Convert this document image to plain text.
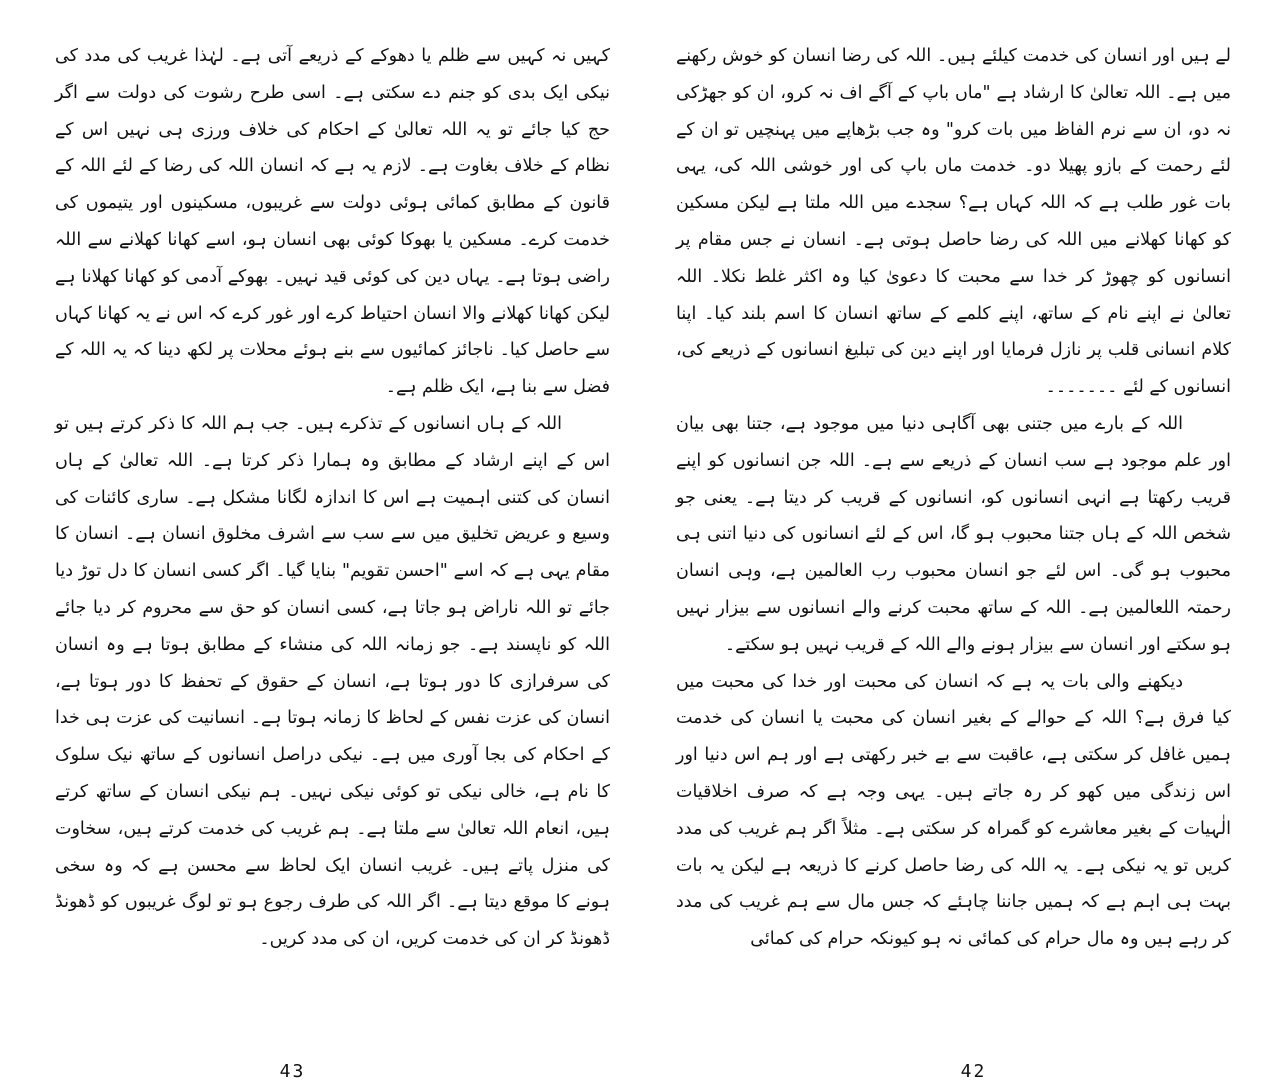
کہیں نہ کہیں سے ظلم یا دھوکے کے ذریعے آتی ہے۔ لہٰذا غریب کی مدد کی نیکی ایک بدی کو جنم دے سکتی ہے۔ اسی طرح رشوت کی دولت سے اگر حج کیا جائے تو یہ اللہ تعالیٰ کے احکام کی خلاف ورزی ہی نہیں اس کے نظام کے خلاف بغاوت ہے۔ لازم یہ ہے کہ انسان اللہ کی رضا کے لئے اللہ کے قانون کے مطابق کمائی ہوئی دولت سے غریبوں، مسکینوں اور یتیموں کی خدمت کرے۔ مسکین یا بھوکا کوئی بھی انسان ہو، اسے کھانا کھلانے سے اللہ راضی ہوتا ہے۔ یہاں دین کی کوئی قید نہیں۔ بھوکے آدمی کو کھانا کھلانا ہے لیکن کھانا کھلانے والا انسان احتیاط کرے اور غور کرے کہ اس نے یہ کھانا کہاں سے حاصل کیا۔ ناجائز کمائیوں سے بنے ہوئے محلات پر لکھ دینا کہ یہ اللہ کے فضل سے بنا ہے، ایک ظلم ہے۔

اللہ کے ہاں انسانوں کے تذکرے ہیں۔ جب ہم اللہ کا ذکر کرتے ہیں تو اس کے اپنے ارشاد کے مطابق وہ ہمارا ذکر کرتا ہے۔ اللہ تعالیٰ کے ہاں انسان کی کتنی اہمیت ہے اس کا اندازہ لگانا مشکل ہے۔ ساری کائنات کی وسیع و عریض تخلیق میں سے سب سے اشرف مخلوق انسان ہے۔ انسان کا مقام یہی ہے کہ اسے "احسن تقویم" بنایا گیا۔ اگر کسی انسان کا دل توڑ دیا جائے تو اللہ ناراض ہو جاتا ہے، کسی انسان کو حق سے محروم کر دیا جائے اللہ کو ناپسند ہے۔ جو زمانہ اللہ کی منشاء کے مطابق ہوتا ہے وہ انسان کی سرفرازی کا دور ہوتا ہے، انسان کے حقوق کے تحفظ کا دور ہوتا ہے، انسان کی عزت نفس کے لحاظ کا زمانہ ہوتا ہے۔ انسانیت کی عزت ہی خدا کے احکام کی بجا آوری میں ہے۔ نیکی دراصل انسانوں کے ساتھ نیک سلوک کا نام ہے، خالی نیکی تو کوئی نیکی نہیں۔ ہم نیکی انسان کے ساتھ کرتے ہیں، انعام اللہ تعالیٰ سے ملتا ہے۔ ہم غریب کی خدمت کرتے ہیں، سخاوت کی منزل پاتے ہیں۔ غریب انسان ایک لحاظ سے محسن ہے کہ وہ سخی ہونے کا موقع دیتا ہے۔ اگر اللہ کی طرف رجوع ہو تو لوگ غریبوں کو ڈھونڈ ڈھونڈ کر ان کی خدمت کریں، ان کی مدد کریں۔

43

لے ہیں اور انسان کی خدمت کیلئے ہیں۔ اللہ کی رضا انسان کو خوش رکھنے میں ہے۔ اللہ تعالیٰ کا ارشاد ہے "ماں باپ کے آگے اف نہ کرو، ان کو جھڑکی نہ دو، ان سے نرم الفاظ میں بات کرو" وہ جب بڑھاپے میں پہنچیں تو ان کے لئے رحمت کے بازو پھیلا دو۔ خدمت ماں باپ کی اور خوشی اللہ کی، یہی بات غور طلب ہے کہ اللہ کہاں ہے؟ سجدے میں اللہ ملتا ہے لیکن مسکین کو کھانا کھلانے میں اللہ کی رضا حاصل ہوتی ہے۔ انسان نے جس مقام پر انسانوں کو چھوڑ کر خدا سے محبت کا دعویٰ کیا وہ اکثر غلط نکلا۔ اللہ تعالیٰ نے اپنے نام کے ساتھ، اپنے کلمے کے ساتھ انسان کا اسم بلند کیا۔ اپنا کلام انسانی قلب پر نازل فرمایا اور اپنے دین کی تبلیغ انسانوں کے ذریعے کی، انسانوں کے لئے ۔۔۔۔۔۔۔

اللہ کے بارے میں جتنی بھی آگاہی دنیا میں موجود ہے، جتنا بھی بیان اور علم موجود ہے سب انسان کے ذریعے سے ہے۔ اللہ جن انسانوں کو اپنے قریب رکھتا ہے انہی انسانوں کو، انسانوں کے قریب کر دیتا ہے۔ یعنی جو شخص اللہ کے ہاں جتنا محبوب ہو گا، اس کے لئے انسانوں کی دنیا اتنی ہی محبوب ہو گی۔ اس لئے جو انسان محبوب رب العالمین ہے، وہی انسان رحمتہ اللعالمین ہے۔ اللہ کے ساتھ محبت کرنے والے انسانوں سے بیزار نہیں ہو سکتے اور انسان سے بیزار ہونے والے اللہ کے قریب نہیں ہو سکتے۔

دیکھنے والی بات یہ ہے کہ انسان کی محبت اور خدا کی محبت میں کیا فرق ہے؟ اللہ کے حوالے کے بغیر انسان کی محبت یا انسان کی خدمت ہمیں غافل کر سکتی ہے، عاقبت سے بے خبر رکھتی ہے اور ہم اس دنیا اور اس زندگی میں کھو کر رہ جاتے ہیں۔ یہی وجہ ہے کہ صرف اخلاقیات الٰہیات کے بغیر معاشرے کو گمراہ کر سکتی ہے۔ مثلاً اگر ہم غریب کی مدد کریں تو یہ نیکی ہے۔ یہ اللہ کی رضا حاصل کرنے کا ذریعہ ہے لیکن یہ بات بہت ہی اہم ہے کہ ہمیں جاننا چاہئے کہ جس مال سے ہم غریب کی مدد کر رہے ہیں وہ مال حرام کی کمائی نہ ہو کیونکہ حرام کی کمائی

42
